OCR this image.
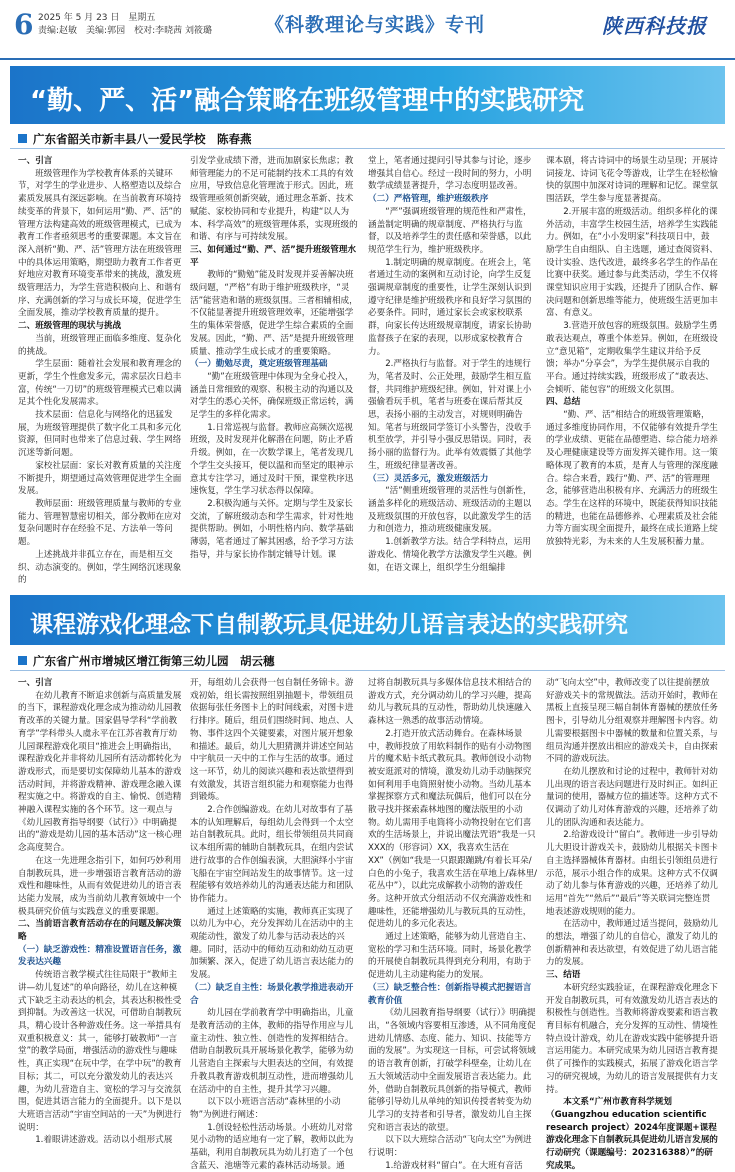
6 2025 年 5 月 23 日　星期五
责编:赵敏　美编:郭园　校对:李晓茜 刘筱璐	《科教理论与实践》专刊	陕西科技报
“勤、严、活”融合策略在班级管理中的实践研究
广东省韶关市新丰县八一爱民学校　陈春燕

一、引言

班级管理作为学校教育体系的关键环节，对学生的学业进步、人格塑造以及综合素质发展具有深远影响。在当前教育环境持续变革的背景下，如何运用“勤、严、活”的管理方法构建高效的班级管理模式，已成为教育工作者亟须思考的重要课题。本文旨在深入剖析“勤、严、活”管理方法在班级管理中的具体运用策略，期望助力教育工作者更好地应对教育环境变革带来的挑战，激发班级管理活力，为学生营造积极向上、和谐有序、充满创新的学习与成长环境，促进学生全面发展，推动学校教育质量的提升。

二、班级管理的现状与挑战

当前，班级管理正面临多维度、复杂化的挑战。

学生层面：随着社会发展和教育理念的更新，学生个性愈发多元，需求层次日趋丰富，传统“一刀切”的班级管理模式已难以满足其个性化发展需求。

技术层面：信息化与网络化的迅猛发展，为班级管理提供了数字化工具和多元化资源，但同时也带来了信息过载、学生网络沉迷等新问题。

家校社层面：家长对教育质量的关注度不断提升，期望通过高效管理促进学生全面发展。

教师层面：班级管理质量与教师的专业能力、管理智慧密切相关，部分教师在应对复杂问题时存在经验不足、方法单一等问题。

上述挑战并非孤立存在，而是相互交织、动态演变的。例如，学生网络沉迷现象的

引发学业成绩下滑，进而加剧家长焦虑；教师管理能力的不足可能制约技术工具的有效应用，导致信息化管理流于形式。因此，班级管理亟须创新突破，通过理念革新、技术赋能、家校协同和专业提升，构建“以人为本、科学高效”的班级管理体系，实现班级的和谐、有序与可持续发展。

三、如何通过“勤、严、活”提升班级管理水平

教师的“勤勉”能及时发现并妥善解决班级问题，“严格”有助于维护班级秩序，“灵活”能营造和谐的班级氛围。三者相辅相成，不仅能显著提升班级管理效率，还能增强学生的集体荣誉感，促进学生综合素质的全面发展。因此，“勤、严、活”是提升班级管理质量、推动学生成长成才的重要策略。

（一）勤勉尽责，奠定班级管理基础

“勤”在班级管理中体现为全身心投入，涵盖日常细致的观察、积极主动的沟通以及对学生的悉心关怀，确保班级正常运转，满足学生的多样化需求。

1.日常巡视与监督。教师应高频次巡视班级，及时发现并化解潜在问题，防止矛盾升级。例如，在一次数学课上，笔者发现几个学生交头接耳，便以温和而坚定的眼神示意其专注学习，通过及时干预，课堂秩序迅速恢复，学生学习状态得以保障。

2.积极沟通与关怀。定期与学生及家长交流，了解班级动态和学生需求，针对性地提供帮助。例如，小明性格内向、数学基础薄弱，笔者通过了解其困惑，给予学习方法指导，并与家长协作制定辅导计划。课

堂上，笔者通过提问引导其参与讨论，逐步增强其自信心。经过一段时间的努力，小明数学成绩显著提升，学习态度明显改善。

（二）严格管理，维护班级秩序

“严”强调班级管理的规范性和严肃性，涵盖制定明确的规章制度、严格执行与监督，以及培养学生的责任感和荣誉感，以此规范学生行为，维护班级秩序。

1.制定明确的规章制度。在班会上，笔者通过生动的案例和互动讨论，向学生反复强调规章制度的重要性，让学生深刻认识到遵守纪律是维护班级秩序和良好学习氛围的必要条件。同时，通过家长会或家校联系群，向家长传达班级规章制度，请家长协助监督孩子在家的表现，以形成家校教育合力。

2.严格执行与监督。对于学生的违规行为，笔者及时、公正处理，鼓励学生相互监督，共同维护班级纪律。例如，针对课上小强偷看玩手机，笔者与班委在课后帮其反思，表扬小丽的主动发言，对规则明确告知。笔者与班级同学签订小头警告，没收手机至放学，并引导小强反思错误。同时，表扬小丽的监督行为。此举有效震慑了其他学生，班级纪律显著改善。

（三）灵活多元，激发班级活力

“活”侧重班级管理的灵活性与创新性，涵盖多样化的班级活动、班级活动的主题以及班级氛围的开放包容，以此激发学生的活力和创造力，推动班级健康发展。

1.创新教学方法。结合学科特点，运用游戏化、情境化教学方法激发学生兴趣。例如，在语文课上，组织学生分组编排

课本剧，将古诗词中的场景生动呈现；开展诗词接龙、诗词飞花令等游戏，让学生在轻松愉快的氛围中加深对诗词的理解和记忆。课堂氛围活跃，学生参与度显著提高。

2.开展丰富的班级活动。组织多样化的课外活动，丰富学生校园生活，培养学生实践能力。例如，在“小小发明家”科技项日中，鼓励学生自由组队、自主选题，通过查阅资料、设计实验、迭代改进，最终多名学生的作品在比赛中获奖。通过参与此类活动，学生不仅将课堂知识应用于实践，还提升了团队合作、解决问题和创新思维等能力，使班级生活更加丰富、有意义。

3.营造开放包容的班级氛围。鼓励学生勇敢表达观点，尊重个体差异。例如，在班级设立“意见箱”，定期收集学生建议并给予反馈；举办“分享会”，为学生提供展示自我的平台。通过持续实践，班级形成了“敢表达、会倾听、能包容”的班级文化氛围。

四、总结

“勤、严、活”相结合的班级管理策略，通过多维度协同作用，不仅能够有效提升学生的学业成绩、更能在品德塑造、综合能力培养及心理健康建设等方面发挥关键作用。这一策略体现了教育的本质，是育人与管理的深度融合。综合来看，践行“勤、严、活”的管理理念，能够营造出积极有序、充满活力的班级生态。学生在这样的环境中，既能获得知识技能的精进，也能在品德修养、心理素质及社会能力等方面实现全面提升，最终在成长道路上绽放独特光彩，为未来的人生发展积蓄力量。

课程游戏化理念下自制教玩具促进幼儿语言表达的实践研究
广东省广州市增城区增江街第三幼儿园　胡云穗

一、引言

在幼儿教育不断追求创新与高质量发展的当下，课程游戏化理念成为推动幼儿园教育改革的关键力量。国家倡导学科“学前教育学”学科带头人虞永平在江苏省教育厅幼儿园课程游戏化项目“推进会上明确指出，课程游戏化并非将幼儿园所有活动都转化为游戏形式，而是要切实保障幼儿基本的游戏活动时间，并将游戏精神、游戏理念融入课程实施之中。将游戏的自主、愉悦、创造精神融入课程实施的各个环节。这一观点与《幼儿园教育指导纲要（试行）》中明确提出的“游戏是幼儿园的基本活动”这一核心理念高度契合。

在这一先进理念指引下，如何巧妙利用自制教玩具，进一步增强语言教育活动的游戏性和趣味性，从而有效促进幼儿的语言表达能力发展，成为当前幼儿教育领域中一个极具研究价值与实践意义的重要课题。

二、当前语言教育活动存在的问题及解决策略

（一）缺乏游戏性：精准设置语言任务，激发表达兴趣

传统语言教学模式往往局限于“教师主讲—幼儿复述”的单向路径，幼儿在这种模式下缺乏主动表达的机会，其表达积极性受到抑制。为改善这一状况，可借助自制教玩具，精心设计各种游戏任务。这一举措具有双重积极意义：其一，能够打破教师“一言堂”的教学局面，增强活动的游戏性与趣味性，真正实现“在玩中学，在学中玩”的教育目标；其二，可以充分激发幼儿的表达兴趣，为幼儿营造自主、宽松的学习与交流氛围，促进其语言能力的全面提升。以下是以大班语言活动“宇宙空间站的一天”为例进行说明：

1.着眼讲述游戏。活动以小组形式展

开，每组幼儿会获得一包自制任务锦卡。游戏初始，组长需按照组别抽题卡，带领组员依据每张任务图卡上的时间线索，对图卡进行排序。随后，组员们围绕时间、地点、人物、事件这四个关键要素，对图片展开想象和描述。最后，幼儿大胆猜测并讲述空间站中宇航员一天中的工作与生活的故事。通过这一环节，幼儿的阅读兴趣和表达欲望得到有效激发，其语言组织能力和观察能力也得到锻炼。

2.合作创编游戏。在幼儿对故事有了基本的认知理解后，每组幼儿会得到一个太空站自制教玩具。此时，组长带领组员共同商议本组所需的辅助自制教玩具，在组内尝试进行故事的合作创编表演，大胆演绎小宇宙飞船在宇宙空间站发生的故事情节。这一过程能够有效培养幼儿的沟通表达能力和团队协作能力。

通过上述策略的实施，教师真正实现了以幼儿为中心，充分发挥幼儿在活动中的主观能动性，激发了幼儿参与活动表达的兴趣。同时，活动中的师幼互动和幼幼互动更加频繁、深入，促进了幼儿语言表达能力的发展。

（二）缺乏自主性：场景化教学推进表动开合

幼儿园在学前教育学中明确指出，儿童是教育活动的主体，教师的指导作用应与儿童主动性、独立性、创造性的发挥相结合。借助自制教玩具开展场景化教学，能够为幼儿营造自主探索与大胆表达的空间，有效提升教具教育游戏机制互动性，进而增强幼儿在活动中的自主性，提升其学习兴趣。

以下以小班语言活动“森林里的小动物”为例进行阐述：

1.创设轻松性活动场景。小班幼儿对常见小动物的适应地有一定了解，教师以此为基础，利用自制教玩具为幼儿打造了一个包含蓝天、池塘等元素的森林活动场景。通

过将自制教玩具与多媒体信息技术相结合的游戏方式，充分调动幼儿的学习兴趣，提高幼儿与教玩具的互动性，帮助幼儿快速融入森林这一熟悉的故事活动情境。

2.打造开放式活动舞台。在森林场景中，教师投放了用软料制作的贴有小动物图片的魔术贴卡纸式教玩具。教师创设小动物被安逛派对的情境，激发幼儿动手动脑探究如何利用手电筒照射使小动物。当幼儿基本掌握探察方式和魔法玩偶后，他们可以在分散寻找并探索森林地图的魔法版里的小动物。幼儿需用手电筒将小动物投射在它们喜欢的生活场景上，并说出魔法咒语“我是一只XXX的（形容词）XX，我喜欢生活在XX”（例如“我是一只跟跟蹦跳/有着长耳朵/白色的小兔子，我喜欢生活在草地上/森林里/花丛中”），以此完成解救小动物的游戏任务。这种开放式分组活动不仅充满游戏性和趣味性，还能增强幼儿与教玩具的互动性，促进幼儿的多元化表达。

通过上述策略，能够为幼儿营造自主、宽松的学习和生活环境。同时，场景化教学的开展使自制教玩具得到充分利用，有助于促进幼儿主动建构能力的发展。

（三）缺乏整合性：创新指导模式把握语言教育价值

《幼儿园教育指导纲要（试行）》明确提出，“各领域内容要相互渗透，从不同角度促进幼儿情感、态度、能力、知识、技能等方面的发展”。为实现这一目标，可尝试将领域的语言教育创新，打破学科壁垒，让幼儿在五大领域活动中全面发展语言表达能力。此外，借助自制教玩具创新的指导模式，教师能够引导幼儿从单纯的知识传授者转变为幼儿学习的支持者和引导者，激发幼儿自主探究和语言表达的欲望。

以下以大班综合活动“飞向太空”为例进行说明：

1.给游戏材料“留白”。在大班有音活

动“飞向太空”中，教师改变了以往提前摆放好游戏关卡的常规做法。活动开始时，教师在黑板上直接呈现三幅自制体育器械的摆放任务图卡，引导幼儿分组观察并理解图卡内容。幼儿需要根据图卡中器械的数量和位置关系，与组员沟通并摆放出相应的游戏关卡，自由探索不同的游戏玩法。

在幼儿摆放和讨论的过程中，教师针对幼儿出现的语言表达问题进行及时纠正。如纠正量词的使用，器械方位的描述等。这种方式不仅调动了幼儿对体育游戏的兴趣，还培养了幼儿的团队沟通和表达能力。

2.给游戏设计“留白”。教师进一步引导幼儿大胆设计游戏关卡，鼓励幼儿根据关卡图卡自主选择器械体育器材。由组长引领组员进行示范，展示小组合作的成果。这种方式不仅调动了幼儿参与体育游戏的兴趣，还培养了幼儿运用“首先”“然后”“最后”等关联词完整连贯地表述游戏规则的能力。

在活动中，教师通过适当提问，鼓励幼儿的想法，增强了幼儿的自信心，激发了幼儿的创新精神和表达欲望，有效促进了幼儿语言能力的发展。

三、结语

本研究经实践验证，在课程游戏化理念下开发自制教玩具，可有效激发幼儿语言表达的积极性与创造性。当教师将游戏要素和语言教育目标有机融合，充分发挥的互动性、情境性特点设计游戏，幼儿在游戏实践中能够提升语言运用能力。本研究成果为幼儿园语言教育提供了可操作的实践模式，拓展了游戏化语言学习的研究视域，为幼儿的语言发展提供有力支持。

本文系“广州市教育科学规划（Guangzhou education scientific research project）2024年度课题+课程游戏化理念下自制教玩具促进幼儿语言发展的行动研究（课题编号：202316388）”的研究成果。
